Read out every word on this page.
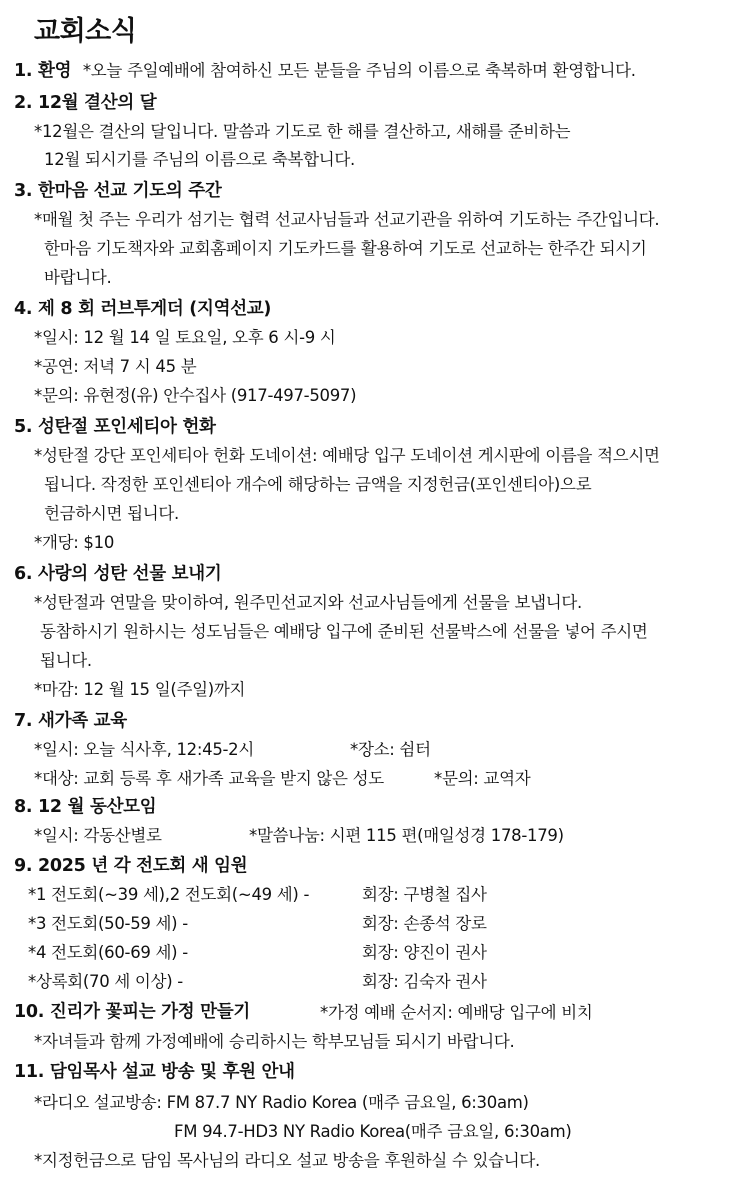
교회소식
1. 환영 *오늘 주일예배에 참여하신 모든 분들을 주님의 이름으로 축복하며 환영합니다.
2. 12월 결산의 달
*12월은 결산의 달입니다. 말씀과 기도로 한 해를 결산하고, 새해를 준비하는
12월 되시기를 주님의 이름으로 축복합니다.
3. 한마음 선교 기도의 주간
*매월 첫 주는 우리가 섬기는 협력 선교사님들과 선교기관을 위하여 기도하는 주간입니다.
한마음 기도책자와 교회홈페이지 기도카드를 활용하여 기도로 선교하는 한주간 되시기
바랍니다.
4. 제 8 회 러브투게더 (지역선교)
*일시: 12 월 14 일 토요일, 오후 6 시-9 시
*공연: 저녁 7 시 45 분
*문의: 유현정(유) 안수집사 (917-497-5097)
5. 성탄절 포인세티아 헌화
*성탄절 강단 포인세티아 헌화 도네이션: 예배당 입구 도네이션 게시판에 이름을 적으시면
됩니다. 작정한 포인센티아 개수에 해당하는 금액을 지정헌금(포인센티아)으로
헌금하시면 됩니다.
*개당: $10
6. 사랑의 성탄 선물 보내기
*성탄절과 연말을 맞이하여, 원주민선교지와 선교사님들에게 선물을 보냅니다.
동참하시기 원하시는 성도님들은 예배당 입구에 준비된 선물박스에 선물을 넣어 주시면
됩니다.
*마감: 12 월 15 일(주일)까지
7. 새가족 교육
*일시: 오늘 식사후, 12:45-2시	*장소: 쉼터
*대상: 교회 등록 후 새가족 교육을 받지 않은 성도	*문의: 교역자
8. 12 월 동산모임
*일시: 각동산별로	*말씀나눔: 시편 115 편(매일성경 178-179)
9. 2025 년 각 전도회 새 임원
*1 전도회(~39 세),2 전도회(~49 세) -	회장: 구병철 집사
*3 전도회(50-59 세) -	회장: 손종석 장로
*4 전도회(60-69 세) -	회장: 양진이 권사
*상록회(70 세 이상) -	회장: 김숙자 권사
10. 진리가 꽃피는 가정 만들기	*가정 예배 순서지: 예배당 입구에 비치
*자녀들과 함께 가정예배에 승리하시는 학부모님들 되시기 바랍니다.
11. 담임목사 설교 방송 및 후원 안내
*라디오 설교방송: FM 87.7 NY Radio Korea (매주 금요일, 6:30am)
FM 94.7-HD3 NY Radio Korea(매주 금요일, 6:30am)
*지정헌금으로 담임 목사님의 라디오 설교 방송을 후원하실 수 있습니다.
